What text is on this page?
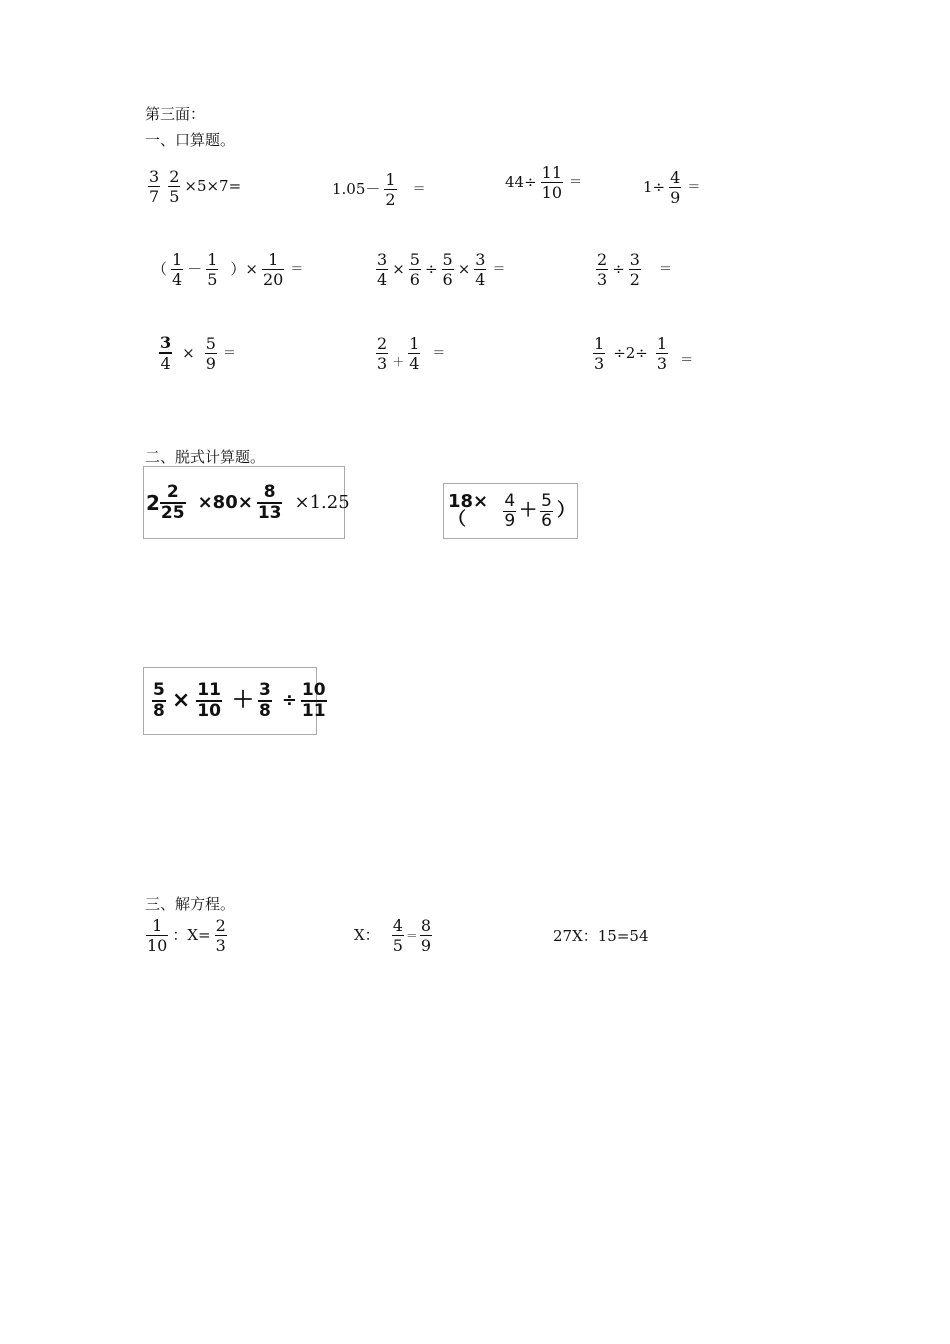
第三面：
一、口算题。
$\frac{3}{7} \frac{2}{5} \times 5\times 7=$	$1.05- \frac{1}{2}$ ＝	$44\div \frac{11}{10}$ ＝	$1\div \frac{4}{9}$ ＝
（ $\frac{1}{4} - \frac{1}{5}$ ）× $\frac{1}{20}$ ＝	$\frac{3}{4} \times \frac{5}{6} \div \frac{5}{6} \times \frac{3}{4}$ ＝	$\frac{2}{3} \div \frac{3}{2}$ ＝
$\frac{3}{4} \times \frac{5}{9}$ ＝	$\frac{2}{3} + \frac{1}{4}$ ＝	$\frac{1}{3} \div 2\div \frac{1}{3}$ ＝
二、脱式计算题。
$2 \frac{2}{25} \times 80\times \frac{8}{13} \times 1.25$	18×（	$\frac{4}{9} + \frac{5}{6}$ ）
$\frac{5}{8} \times \frac{11}{10} + \frac{3}{8} \div \frac{10}{11}$
三、解方程。
$\frac{1}{10}$ ：$X= \frac{2}{3}$	X： $\frac{4}{5} = \frac{8}{9}$	27X：15=54
